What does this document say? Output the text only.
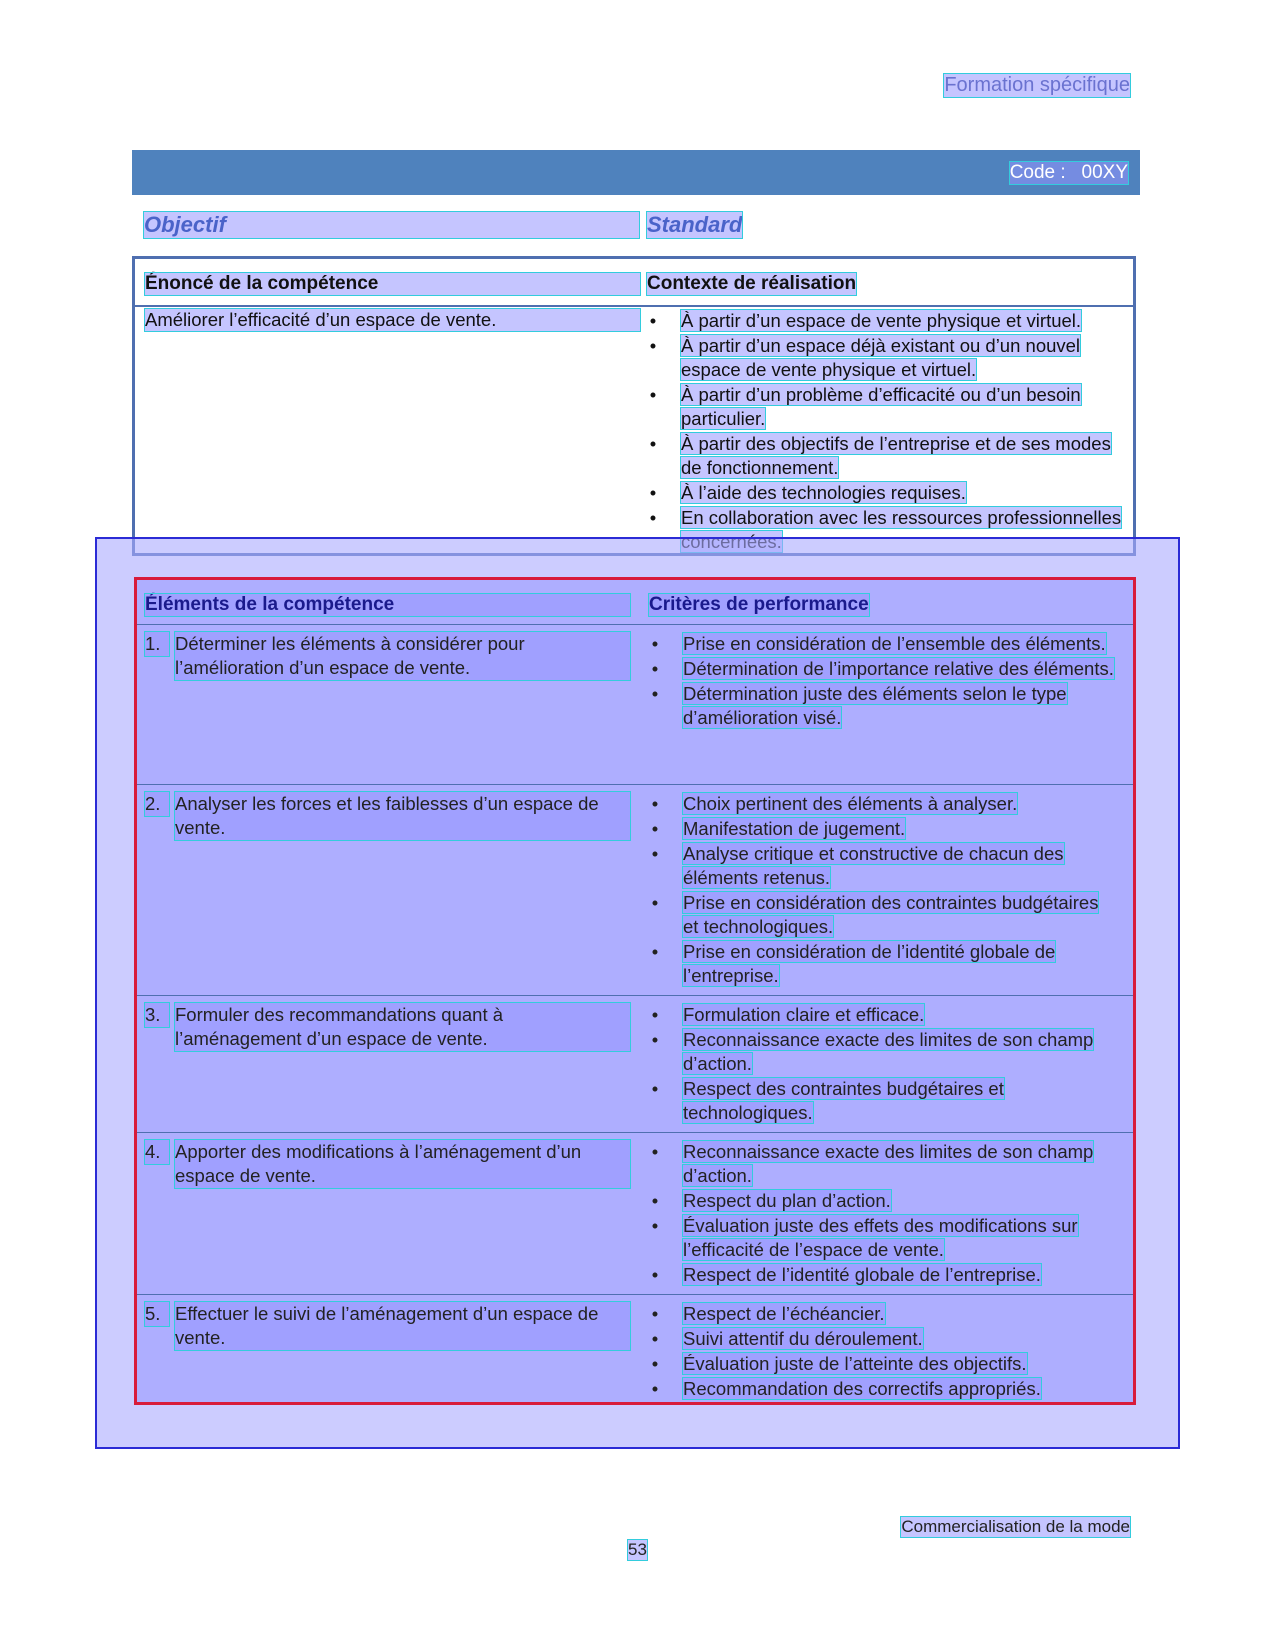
Formation spécifique
Code : 00XY
Objectif	Standard
Énoncé de la compétence	Contexte de réalisation
Améliorer l’efficacité d’un espace de vente.	• À partir d’un espace de vente physique et virtuel.
• À partir d’un espace déjà existant ou d’un nouvel espace de vente physique et virtuel.
• À partir d’un problème d’efficacité ou d’un besoin particulier.
• À partir des objectifs de l’entreprise et de ses modes de fonctionnement.
• À l’aide des technologies requises.
• En collaboration avec les ressources professionnelles
Éléments de la compétence	Critères de performance
1. Déterminer les éléments à considérer pour l’amélioration d’un espace de vente.
• Prise en considération de l’ensemble des éléments.
• Détermination de l’importance relative des éléments.
• Détermination juste des éléments selon le type d’amélioration visé.
2. Analyser les forces et les faiblesses d’un espace de vente.
• Choix pertinent des éléments à analyser.
• Manifestation de jugement.
• Analyse critique et constructive de chacun des éléments retenus.
• Prise en considération des contraintes budgétaires et technologiques.
• Prise en considération de l’identité globale de l’entreprise.
3. Formuler des recommandations quant à l’aménagement d’un espace de vente.
• Formulation claire et efficace.
• Reconnaissance exacte des limites de son champ d’action.
• Respect des contraintes budgétaires et technologiques.
4. Apporter des modifications à l’aménagement d’un espace de vente.
• Reconnaissance exacte des limites de son champ d’action.
• Respect du plan d’action.
• Évaluation juste des effets des modifications sur l’efficacité de l’espace de vente.
• Respect de l’identité globale de l’entreprise.
5. Effectuer le suivi de l’aménagement d’un espace de vente.
• Respect de l’échéancier.
• Suivi attentif du déroulement.
• Évaluation juste de l’atteinte des objectifs.
• Recommandation des correctifs appropriés.
Commercialisation de la mode
53
